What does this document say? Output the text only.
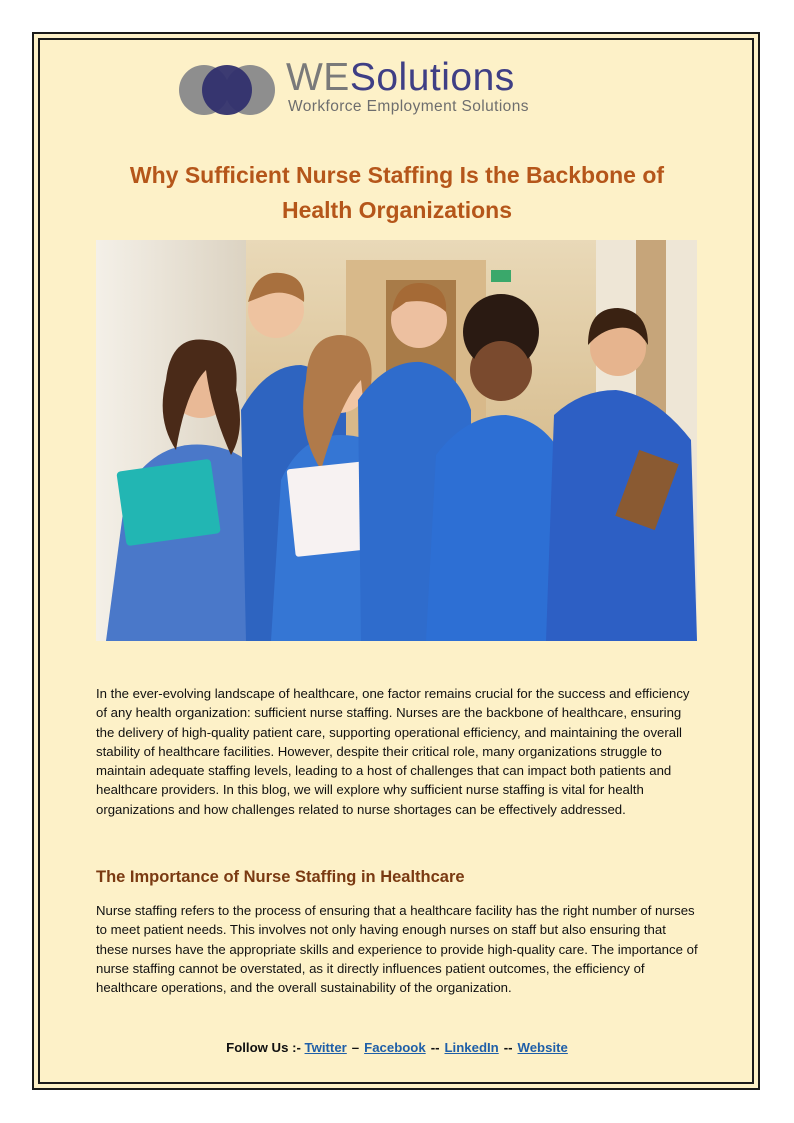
WESolutions
Workforce Employment Solutions
Why Sufficient Nurse Staffing Is the Backbone of Health Organizations

In the ever-evolving landscape of healthcare, one factor remains crucial for the success and efficiency of any health organization: sufficient nurse staffing. Nurses are the backbone of healthcare, ensuring the delivery of high-quality patient care, supporting operational efficiency, and maintaining the overall stability of healthcare facilities. However, despite their critical role, many organizations struggle to maintain adequate staffing levels, leading to a host of challenges that can impact both patients and healthcare providers. In this blog, we will explore why sufficient nurse staffing is vital for health organizations and how challenges related to nurse shortages can be effectively addressed.

The Importance of Nurse Staffing in Healthcare

Nurse staffing refers to the process of ensuring that a healthcare facility has the right number of nurses to meet patient needs. This involves not only having enough nurses on staff but also ensuring that these nurses have the appropriate skills and experience to provide high-quality care. The importance of nurse staffing cannot be overstated, as it directly influences patient outcomes, the efficiency of healthcare operations, and the overall sustainability of the organization.

Follow Us :- Twitter – Facebook -- LinkedIn -- Website
